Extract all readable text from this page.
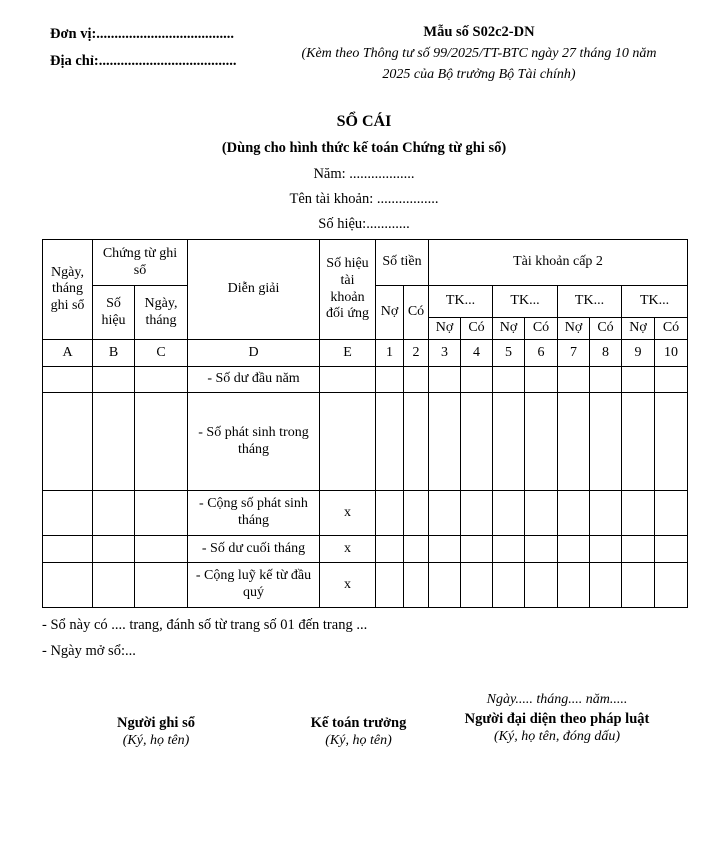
Đơn vị:......................................
Địa chỉ:......................................
Mẫu số S02c2-DN
(Kèm theo Thông tư số 99/2025/TT-BTC ngày 27 tháng 10 năm 2025 của Bộ trưởng Bộ Tài chính)
SỔ CÁI
(Dùng cho hình thức kế toán Chứng từ ghi sổ)
Năm: ..................
Tên tài khoản: .................
Số hiệu:............
Ngày, tháng ghi sổ	Chứng từ ghi sổ		Diễn giải	Số hiệu tài khoản đối ứng	Số tiền		Tài khoản cấp 2							
	Số hiệu	Ngày, tháng			Nợ	Có	TK...		TK...		TK...		TK...	
							Nợ	Có	Nợ	Có	Nợ	Có	Nợ	Có
A	B	C	D	E	1	2	3	4	5	6	7	8	9	10
			- Số dư đầu năm											
			- Số phát sinh trong tháng											
			- Cộng số phát sinh tháng	x										
			- Số dư cuối tháng	x										
			- Cộng luỹ kế từ đầu quý	x										
- Sổ này có .... trang, đánh số từ trang số 01 đến trang ...
- Ngày mở sổ:...
Người ghi sổ
(Ký, họ tên)
Kế toán trưởng
(Ký, họ tên)
Ngày..... tháng.... năm.....
Người đại diện theo pháp luật
(Ký, họ tên, đóng dấu)
